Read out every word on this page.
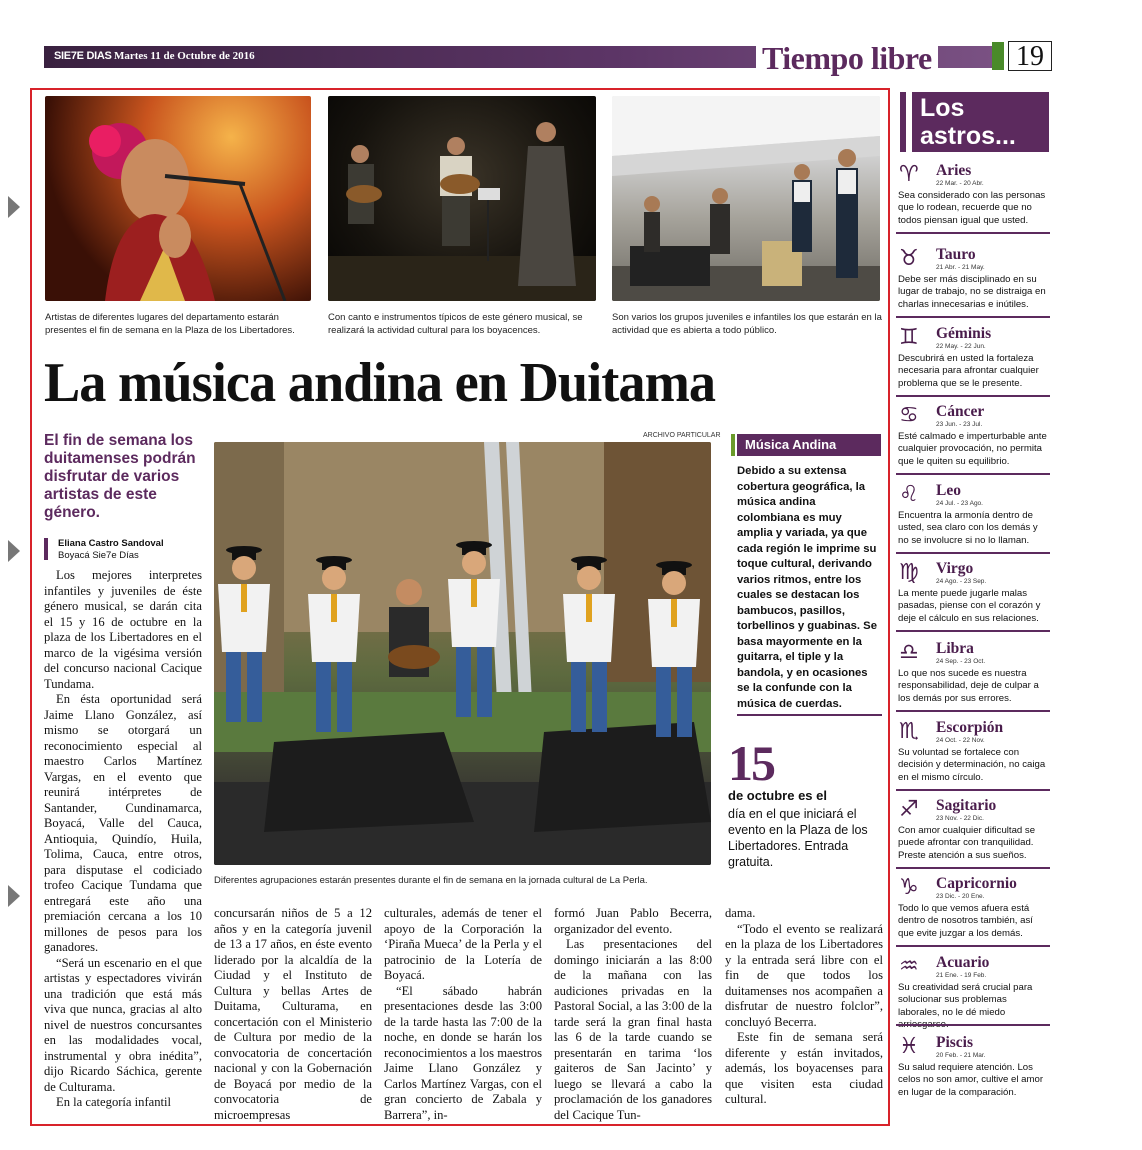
SIE7E DIAS Martes 11 de Octubre de 2016	Tiempo libre	19
Artistas de diferentes lugares del departamento estarán presentes el fin de semana en la Plaza de los Libertadores.
Con canto e instrumentos típicos de este género musical, se realizará la actividad cultural para los boyacences.
Son varios los grupos juveniles e infantiles los que estarán en la actividad que es abierta a todo público.
La música andina en Duitama
El fin de semana los duitamenses podrán disfrutar de varios artistas de este género.
Eliana Castro Sandoval
Boyacá Sie7e Días
ARCHIVO PARTICULAR
Diferentes agrupaciones estarán presentes durante el fin de semana en la jornada cultural de La Perla.

Los mejores interpretes infantiles y juveniles de éste género musical, se darán cita el 15 y 16 de octubre en la plaza de los Libertadores en el marco de la vigésima versión del concurso nacional Cacique Tundama.

En ésta oportunidad será Jaime Llano González, así mismo se otorgará un reconocimiento especial al maestro Carlos Martínez Vargas, en el evento que reunirá intérpretes de Santander, Cundinamarca, Boyacá, Valle del Cauca, Antioquia, Quindío, Huila, Tolima, Cauca, entre otros, para disputase el codiciado trofeo Cacique Tundama que entregará este año una premiación cercana a los 10 millones de pesos para los ganadores.

“Será un escenario en el que artistas y espectadores vivirán una tradición que está más viva que nunca, gracias al alto nivel de nuestros concursantes en las modalidades vocal, instrumental y obra inédita”, dijo Ricardo Sáchica, gerente de Culturama.

En la categoría infantil

concursarán niños de 5 a 12 años y en la categoría juvenil de 13 a 17 años, en éste evento liderado por la alcaldía de la Ciudad y el Instituto de Cultura y bellas Artes de Duitama, Culturama, en concertación con el Ministerio de Cultura por medio de la convocatoria de concertación nacional y con la Gobernación de Boyacá por medio de la convocatoria de microempresas

culturales, además de tener el apoyo de la Corporación la ‘Piraña Mueca’ de la Perla y el patrocinio de la Lotería de Boyacá.

“El sábado habrán presentaciones desde las 3:00 de la tarde hasta las 7:00 de la noche, en donde se harán los reconocimientos a los maestros Jaime Llano González y Carlos Martínez Vargas, con el gran concierto de Zabala y Barrera”, in-

formó Juan Pablo Becerra, organizador del evento.

Las presentaciones del domingo iniciarán a las 8:00 de la mañana con las audiciones privadas en la Pastoral Social, a las 3:00 de la tarde será la gran final hasta las 6 de la tarde cuando se presentarán en tarima ‘los gaiteros de San Jacinto’ y luego se llevará a cabo la proclamación de los ganadores del Cacique Tun-

dama.

“Todo el evento se realizará en la plaza de los Libertadores y la entrada será libre con el fin de que todos los duitamenses nos acompañen a disfrutar de nuestro folclor”, concluyó Becerra.

Este fin de semana será diferente y están invitados, además, los boyacenses para que visiten esta ciudad cultural.

Música Andina
Debido a su extensa cobertura geográfica, la música andina colombiana es muy amplia y variada, ya que cada región le imprime su toque cultural, derivando varios ritmos, entre los cuales se destacan los bambucos, pasillos, torbellinos y guabinas. Se basa mayormente en la guitarra, el tiple y la bandola, y en ocasiones se la confunde con la música de cuerdas.
15
de octubre es el
día en el que iniciará el evento en la Plaza de los Libertadores. Entrada gratuita.
Los astros...
♈ Aries
22 Mar. - 20 Abr.
Sea considerado con las personas que lo rodean, recuerde que no todos piensan igual que usted.
♉ Tauro
21 Abr. - 21 May.
Debe ser más disciplinado en su lugar de trabajo, no se distraiga en charlas innecesarias e inútiles.
♊ Géminis
22 May. - 22 Jun.
Descubrirá en usted la fortaleza necesaria para afrontar cualquier problema que se le presente.
♋ Cáncer
23 Jun. - 23 Jul.
Esté calmado e imperturbable ante cualquier provocación, no permita que le quiten su equilibrio.
♌ Leo
24 Jul. - 23 Ago.
Encuentra la armonía dentro de usted, sea claro con los demás y no se involucre si no lo llaman.
♍ Virgo
24 Ago. - 23 Sep.
La mente puede jugarle malas pasadas, piense con el corazón y deje el cálculo en sus relaciones.
♎ Libra
24 Sep. - 23 Oct.
Lo que nos sucede es nuestra responsabilidad, deje de culpar a los demás por sus errores.
♏ Escorpión
24 Oct. - 22 Nov.
Su voluntad se fortalece con decisión y determinación, no caiga en el mismo círculo.
♐ Sagitario
23 Nov. - 22 Dic.
Con amor cualquier dificultad se puede afrontar con tranquilidad. Preste atención a sus sueños.
♑ Capricornio
23 Dic. - 20 Ene.
Todo lo que vemos afuera está dentro de nosotros también, así que evite juzgar a los demás.
♒ Acuario
21 Ene. - 19 Feb.
Su creatividad será crucial para solucionar sus problemas laborales, no le dé miedo
♓ Piscis
20 Feb. - 21 Mar.
Su salud requiere atención. Los celos no son amor, cultive el amor en lugar de la comparación.
